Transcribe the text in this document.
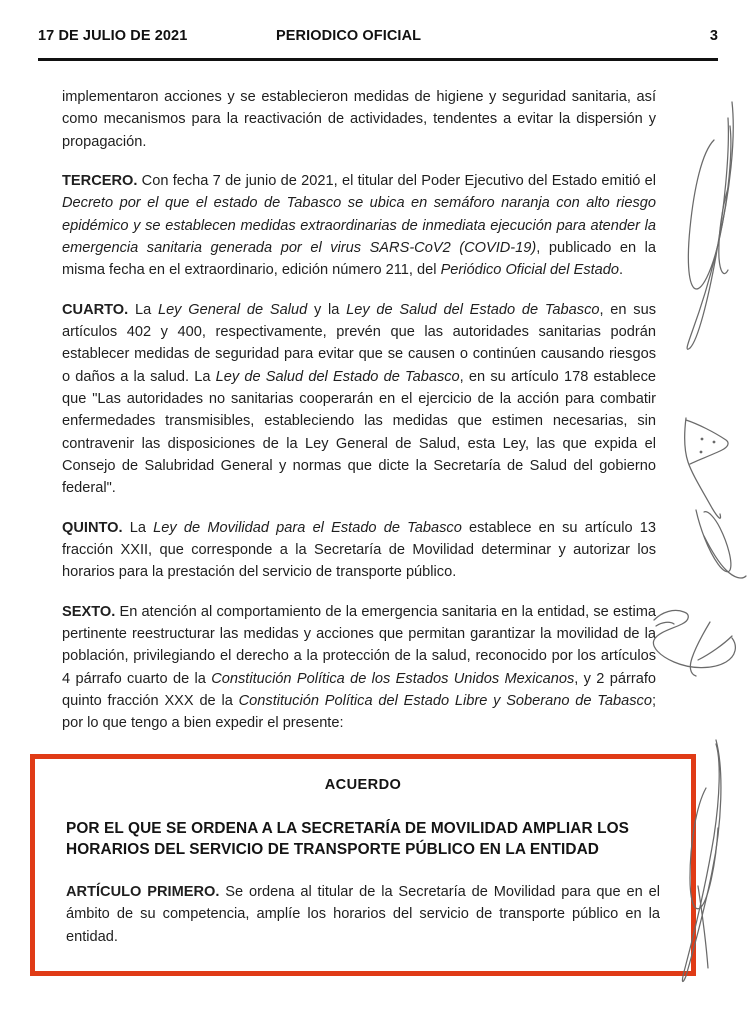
17 DE JULIO DE 2021	PERIODICO OFICIAL	3

implementaron acciones y se establecieron medidas de higiene y seguridad sanitaria, así como mecanismos para la reactivación de actividades, tendentes a evitar la dispersión y propagación.

TERCERO. Con fecha 7 de junio de 2021, el titular del Poder Ejecutivo del Estado emitió el Decreto por el que el estado de Tabasco se ubica en semáforo naranja con alto riesgo epidémico y se establecen medidas extraordinarias de inmediata ejecución para atender la emergencia sanitaria generada por el virus SARS-CoV2 (COVID-19), publicado en la misma fecha en el extraordinario, edición número 211, del Periódico Oficial del Estado.

CUARTO. La Ley General de Salud y la Ley de Salud del Estado de Tabasco, en sus artículos 402 y 400, respectivamente, prevén que las autoridades sanitarias podrán establecer medidas de seguridad para evitar que se causen o continúen causando riesgos o daños a la salud. La Ley de Salud del Estado de Tabasco, en su artículo 178 establece que "Las autoridades no sanitarias cooperarán en el ejercicio de la acción para combatir enfermedades transmisibles, estableciendo las medidas que estimen necesarias, sin contravenir las disposiciones de la Ley General de Salud, esta Ley, las que expida el Consejo de Salubridad General y normas que dicte la Secretaría de Salud del gobierno federal".

QUINTO. La Ley de Movilidad para el Estado de Tabasco establece en su artículo 13 fracción XXII, que corresponde a la Secretaría de Movilidad determinar y autorizar los horarios para la prestación del servicio de transporte público.

SEXTO. En atención al comportamiento de la emergencia sanitaria en la entidad, se estima pertinente reestructurar las medidas y acciones que permitan garantizar la movilidad de la población, privilegiando el derecho a la protección de la salud, reconocido por los artículos 4 párrafo cuarto de la Constitución Política de los Estados Unidos Mexicanos, y 2 párrafo quinto fracción XXX de la Constitución Política del Estado Libre y Soberano de Tabasco; por lo que tengo a bien expedir el presente:

ACUERDO

POR EL QUE SE ORDENA A LA SECRETARÍA DE MOVILIDAD AMPLIAR LOS HORARIOS DEL SERVICIO DE TRANSPORTE PÚBLICO EN LA ENTIDAD

ARTÍCULO PRIMERO. Se ordena al titular de la Secretaría de Movilidad para que en el ámbito de su competencia, amplíe los horarios del servicio de transporte público en la entidad.
